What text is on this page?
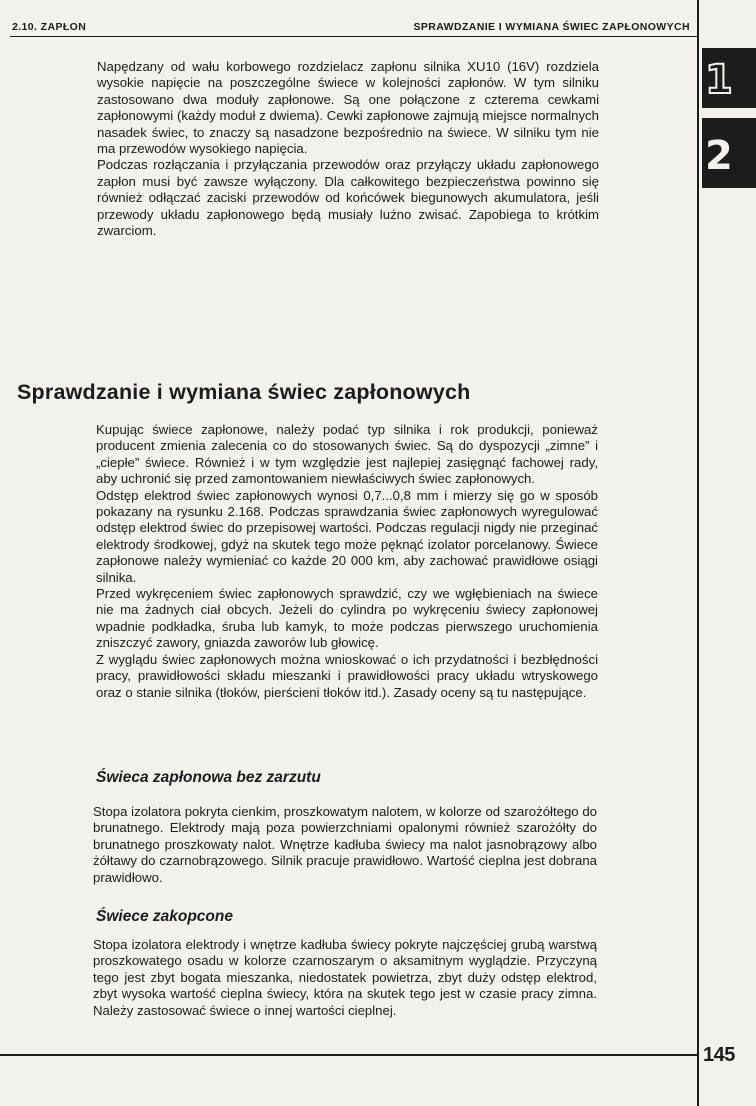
2.10. ZAPŁON	SPRAWDZANIE I WYMIANA ŚWIEC ZAPŁONOWYCH
1
2

Napędzany od wału korbowego rozdzielacz zapłonu silnika XU10 (16V) rozdziela wysokie napięcie na poszczególne świece w kolejności zapłonów. W tym silniku zastosowano dwa moduły zapłonowe. Są one połączone z czterema cewkami zapłonowymi (każdy moduł z dwiema). Cewki zapłonowe zajmują miejsce normalnych nasadek świec, to znaczy są nasadzone bezpośrednio na świece. W silniku tym nie ma przewodów wysokiego napięcia.

Podczas rozłączania i przyłączania przewodów oraz przyłączy układu zapłonowego zapłon musi być zawsze wyłączony. Dla całkowitego bezpieczeństwa powinno się również odłączać zaciski przewodów od końcówek biegunowych akumulatora, jeśli przewody układu zapłonowego będą musiały luźno zwisać. Zapobiega to krótkim zwarciom.

Sprawdzanie i wymiana świec zapłonowych

Kupując świece zapłonowe, należy podać typ silnika i rok produkcji, ponieważ producent zmienia zalecenia co do stosowanych świec. Są do dyspozycji „zimne” i „ciepłe” świece. Również i w tym względzie jest najlepiej zasięgnąć fachowej rady, aby uchronić się przed zamontowaniem niewłaściwych świec zapłonowych.

Odstęp elektrod świec zapłonowych wynosi 0,7...0,8 mm i mierzy się go w sposób pokazany na rysunku 2.168. Podczas sprawdzania świec zapłonowych wyregulować odstęp elektrod świec do przepisowej wartości. Podczas regulacji nigdy nie przeginać elektrody środkowej, gdyż na skutek tego może pęknąć izolator porcelanowy. Świece zapłonowe należy wymieniać co każde 20 000 km, aby zachować prawidłowe osiągi silnika.

Przed wykręceniem świec zapłonowych sprawdzić, czy we wgłębieniach na świece nie ma żadnych ciał obcych. Jeżeli do cylindra po wykręceniu świecy zapłonowej wpadnie podkładka, śruba lub kamyk, to może podczas pierwszego uruchomienia zniszczyć zawory, gniazda zaworów lub głowicę.

Z wyglądu świec zapłonowych można wnioskować o ich przydatności i bezbłędności pracy, prawidłowości składu mieszanki i prawidłowości pracy układu wtryskowego oraz o stanie silnika (tłoków, pierścieni tłoków itd.). Zasady oceny są tu następujące.

Świeca zapłonowa bez zarzutu

Stopa izolatora pokryta cienkim, proszkowatym nalotem, w kolorze od szarożółtego do brunatnego. Elektrody mają poza powierzchniami opalonymi również szarożółty do brunatnego proszkowaty nalot. Wnętrze kadłuba świecy ma nalot jasnobrązowy albo żółtawy do czarnobrązowego. Silnik pracuje prawidłowo. Wartość cieplna jest dobrana prawidłowo.

Świece zakopcone

Stopa izolatora elektrody i wnętrze kadłuba świecy pokryte najczęściej grubą warstwą proszkowatego osadu w kolorze czarnoszarym o aksamitnym wyglądzie. Przyczyną tego jest zbyt bogata mieszanka, niedostatek powietrza, zbyt duży odstęp elektrod, zbyt wysoka wartość cieplna świecy, która na skutek tego jest w czasie pracy zimna. Należy zastosować świece o innej wartości cieplnej.

145
